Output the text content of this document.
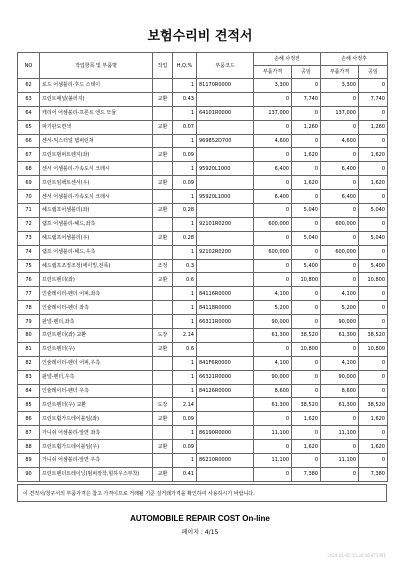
보험수리비 견적서
NO	작업항목 및 부품명	작업	H,Q,%	부품코드	손해 사정전		손해 사정후	
					부품가격	공임	부품가격	공임
62	로드 어셈블리-후드 스테이		1	81170R0000	3,300	0	3,300	0
63	프런트패널(불러지)	교환	0.43		0	7,740	0	7,740
64	캐리어 어셈블리-프론트 엔드 모듈		1	64101R0000	137,000	0	137,000	0
65	파기판도면색	교환	0.07		0	1,260	0	1,260
66	센서-익스터널 템퍼런쳐		1	969852D700	4,600	0	4,600	0
67	프런트범퍼트렌지(좌)	교환	0.09		0	1,620	0	1,620
68	센서 어셈블리-가속도식 크래시		1	95920L1000	6,400	0	6,400	0
69	프런트임팩트센서(우)	교환	0.09		0	1,620	0	1,620
70	센서 어셈블리-가속도식 크래시		1	95920L1000	6,400	0	6,400	0
71	헤드램프어셈블리(좌)	교환	0.28		0	5,040	0	5,040
72	램프 어셈블리-헤드,좌측		1	92101R0200	600,000	0	600,000	0
73	헤드램프어셈블리(우)	교환	0.28		0	5,040	0	5,040
74	램프 어셈블리-헤드,우측		1	92102R0200	600,000	0	600,000	0
75	헤드램프조정조정(에이밍,전폭)	조정	0.3		0	5,400	0	5,400
76	프런트펜더(좌)	교환	0.6		0	10,800	0	10,800
77	인슐레이터-펜더 어퍼,좌측		1	84116R0000	4,100	0	4,100	0
78	인슐레이터-펜더 좌측		1	84118R0000	5,200	0	5,200	0
79	판넬-펜더,좌측		1	66311R0000	90,000	0	90,000	0
80	프런트펜더(좌) 교환	도장	2.14		61,300	38,520	61,300	38,520
81	프런트펜더(우)	교환	0.6		0	10,800	0	10,800
82	인슐레이터-펜더 어퍼,우측		1	841F6R0000	4,100	0	4,100	0
83	판넬-펜더,우측		1	66321R0000	90,000	0	90,000	0
84	인슐레이터-펜더 우측		1	84126R0000	8,600	0	8,600	0
85	프런트펜더(우) 교환	도장	2.14		61,300	38,520	61,300	38,520
86	프런트휠가드테이블임(좌)	교환	0.09		0	1,620	0	1,620
87	가니쉬 어셈블리-앞면 좌측		1	86190R0000	11,100	0	11,100	0
88	프런트휠가드테이블임(우)	교환	0.09		0	1,620	0	1,620
89	가니쉬 어셈블리-앞면 우측		1	86210R0000	11,100	0	11,100	0
90	프런트펜더트레이닝(범퍼장착,힐하우스부착)	교환	0.41		0	7,380	0	7,380
이 견적서/청구서의 부품가격은 참고 가격이므로 거래될 기준 실거래가격을 확인하여 사용하시기 바랍니다.
AUTOMOBILE REPAIR COST On-line
페이지 : 4/15
2024-01-05 15:34:56 KT1091
